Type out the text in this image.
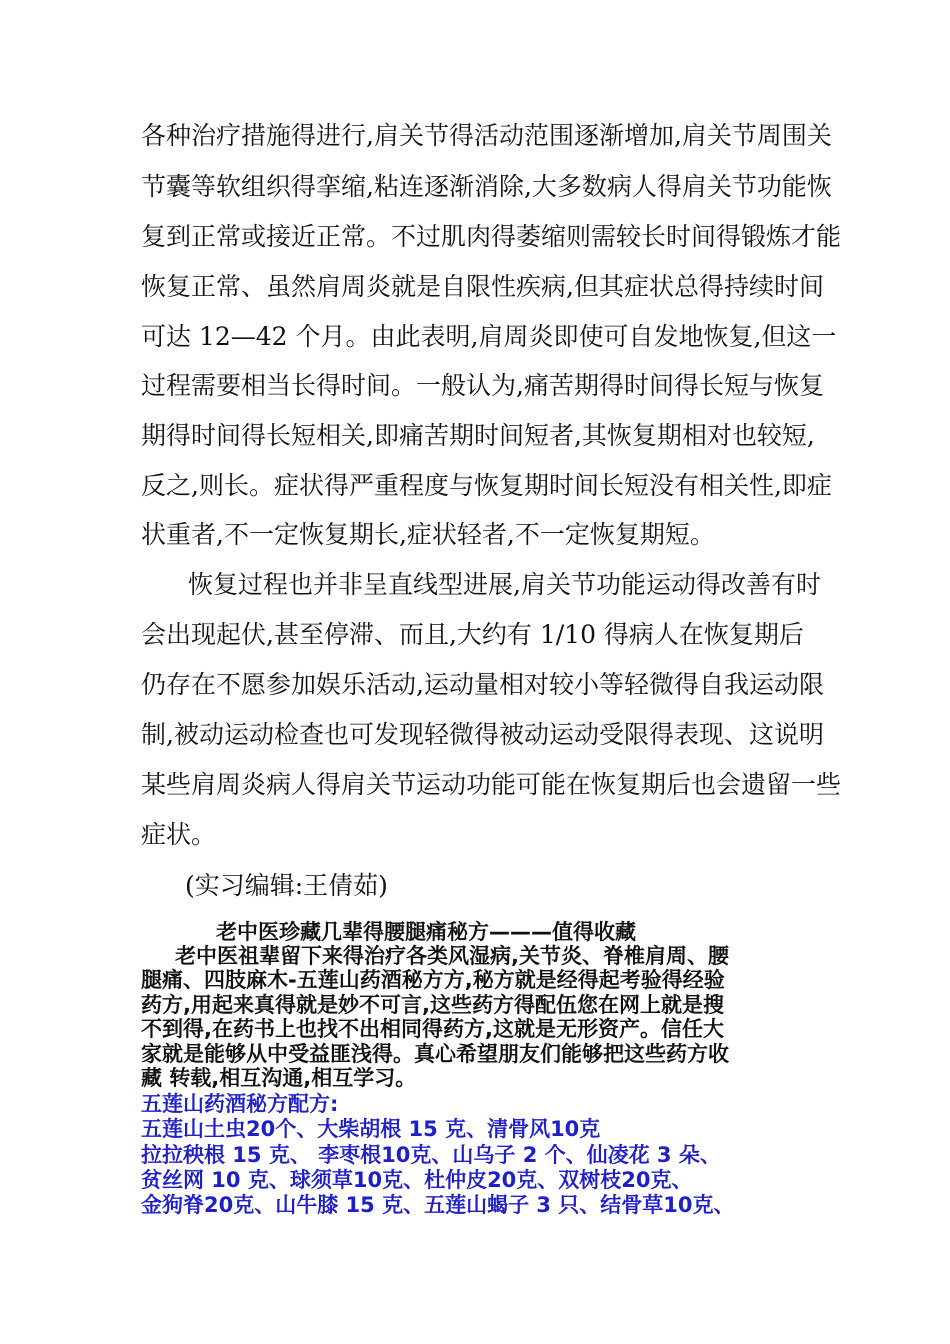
各种治疗措施得进行,肩关节得活动范围逐渐增加,肩关节周围关
节囊等软组织得挛缩,粘连逐渐消除,大多数病人得肩关节功能恢
复到正常或接近正常。不过肌肉得萎缩则需较长时间得锻炼才能
恢复正常、虽然肩周炎就是自限性疾病,但其症状总得持续时间
可达 12—42 个月。由此表明,肩周炎即使可自发地恢复,但这一
过程需要相当长得时间。一般认为,痛苦期得时间得长短与恢复
期得时间得长短相关,即痛苦期时间短者,其恢复期相对也较短,
反之,则长。症状得严重程度与恢复期时间长短没有相关性,即症
状重者,不一定恢复期长,症状轻者,不一定恢复期短。
恢复过程也并非呈直线型进展,肩关节功能运动得改善有时
会出现起伏,甚至停滞、而且,大约有 1/10 得病人在恢复期后
仍存在不愿参加娱乐活动,运动量相对较小等轻微得自我运动限
制,被动运动检查也可发现轻微得被动运动受限得表现、这说明
某些肩周炎病人得肩关节运动功能可能在恢复期后也会遗留一些
症状。
(实习编辑:王倩茹)
老中医珍藏几辈得腰腿痛秘方———值得收藏
老中医祖辈留下来得治疗各类风湿病,关节炎、脊椎肩周、腰
腿痛、四肢麻木-五莲山药酒秘方方,秘方就是经得起考验得经验
药方,用起来真得就是妙不可言,这些药方得配伍您在网上就是搜
不到得,在药书上也找不出相同得药方,这就是无形资产。信任大
家就是能够从中受益匪浅得。真心希望朋友们能够把这些药方收
藏 转载,相互沟通,相互学习。
五莲山药酒秘方配方:
五莲山土虫20个、大柴胡根 15 克、清骨风10克
拉拉秧根 15 克、 李枣根10克、山乌子 2 个、仙凌花 3 朵、
贫丝网 10 克、球须草10克、杜仲皮20克、双树枝20克、
金狗脊20克、山牛膝 15 克、五莲山蝎子 3 只、结骨草10克、
